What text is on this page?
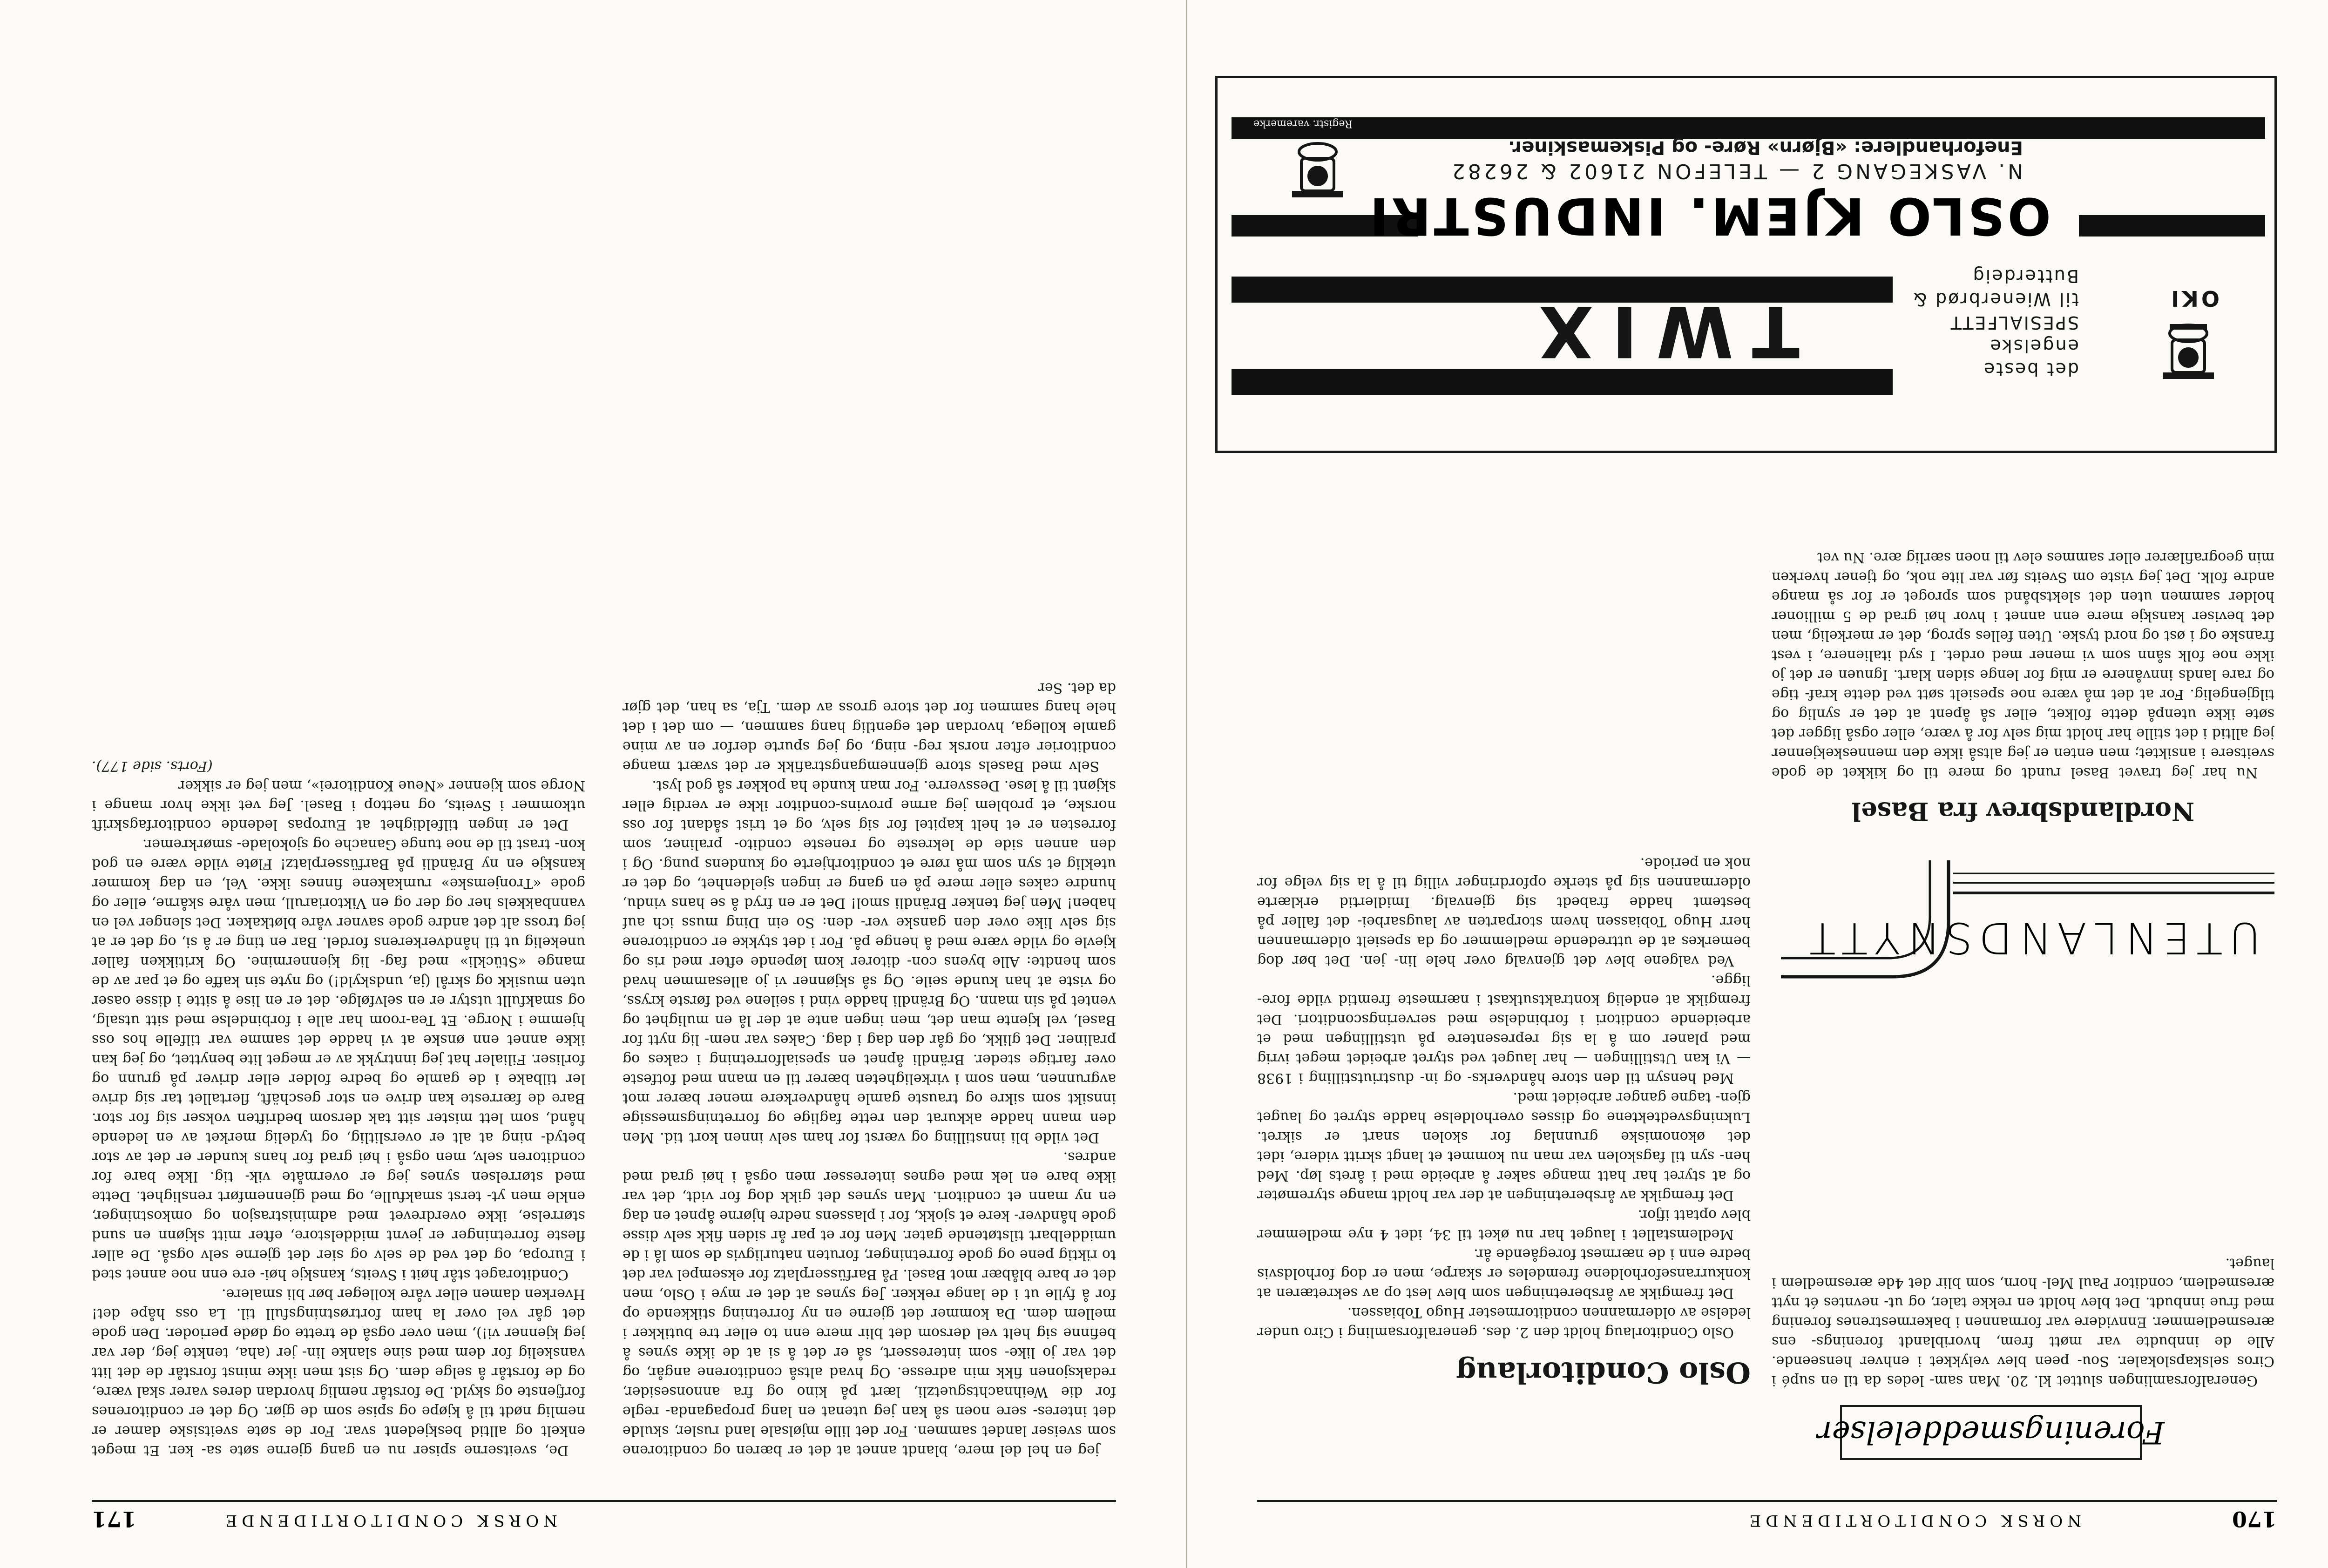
170
NORSK CONDITORTIDENDE
Foreningsmeddelelser

Generalforsamlingen sluttet kl. 20. Man sam- ledes da til en supé i Ciros selskapslokaler. Sou- peen blev velykket i enhver henseende. Alle de innbudte var møtt frem, hvoriblandt forenings- ens æresmedlemmer. Ennvidere var formannen i bakermestrenes forening med frue innbudt. Det blev holdt en rekke taler, og ut- nevntes ét nytt æresmedlem, conditor Paul Mel- horn, som blir det 4de æresmedlem i lauget.

UTENLANDSNYTT
Nordlandsbrev fra Basel

Nu har jeg travet Basel rundt og mere til og kikket de gode sveitsere i ansiktet; men enten er jeg altså ikke den menneskekjenner jeg alltid i det stille har holdt mig selv for å være, eller også ligger det søte ikke utenpå dette folket, eller så åpent at det er synlig og tilgjengelig. For at det må være noe spesielt søtt ved dette kraf- tige og rare lands innvånere er mig for lenge siden klart. Ignuen er det jo ikke noe folk sånn som vi mener med ordet. I syd italienere, i vest franske og i øst og nord tyske. Uten felles sprog, det er merkelig, men det beviser kanskje mere enn annet i hvor høi grad de 5 millioner holder sammen uten det slektsbånd som sproget er for så mange andre folk. Det jeg viste om Sveits før var lite nok, og tjener hverken min geografilærer eller sammes elev til noen særlig ære. Nu vet

Oslo Conditorlaug

Oslo Conditorlaug holdt den 2. des. generalforsamling i Ciro under ledelse av oldermannen conditormester Hugo Tobiassen.

Det fremgikk av årsberetningen som blev lest op av sekretæren at konkurranseforholdene fremdeles er skarpe, men er dog forholdsvis bedre enn i de nærmest foregående år.

Medlemstallet i lauget har nu øket til 34, idet 4 nye medlemmer blev optatt ifjor.

Det fremgikk av årsberetningen at der var holdt mange styremøter og at styret har hatt mange saker å arbeide med i årets løp. Med hen- syn til fagskolen var man nu kommet et langt skritt videre, idet det økonomiske grunnlag for skolen snart er sikret. Lukningsvedtektene og disses overholdelse hadde styret og lauget gjen- tagne ganger arbeidet med.

Med hensyn til den store håndverks- og in- dustriutstilling i 1938 — Vi kan Utstillingen — har lauget ved styret arbeidet meget ivrig med planer om å la sig representere på utstillingen med et arbeidende conditori i forbindelse med serveringsconditori. Det fremgikk at endelig kontraktsutkast i nærmeste fremtid vilde fore- ligge.

Ved valgene blev det gjenvalg over hele lin- jen. Det bør dog bemerkes at de uttredende medlemmer og da spesielt oldermannen herr Hugo Tobiassen hvem storparten av laugsarbei- det faller på bestemt hadde frabedt sig gjenvalg. Imidlertid erklærte oldermannen sig på sterke opfordringer villig til å la sig velge for nok en periode.

TWIX	det beste engelske
SPESIALFETT
til Wienerbrød &
Butterdeig
OKI
OSLO KJEM. INDUSTRI
N. VASKEGANG 2 — TELEFON 21602 & 26282
Eneforhandlere: «Bjørn» Røre- og Piskemaskiner.
Registr. varemerke
NORSK CONDITORTIDENDE
171

jeg en hel del mere, blandt annet at det er bæren og conditorene som sveiser landet sammen. For det lille mjølsale land rusler, skulde det interes- sere noen så kan jeg utenat en lang propaganda- regle for die Weihnachtsguetzli, lært på kino og fra annonsesider, redaksjonen fikk min adresse. Og hvad altså conditorene angår, og det var jo like- som interessert, så er det å si at de ikke synes å befinne sig helt vel dersom det blir mere enn to eller tre butikker i mellem dem. Da kommer det gjerne en ny forretning stikkende op for å fylle ut i de lange rekker. Jeg synes at det er mye i Oslo, men det er bare blåbær mot Basel. På Barfüsserplatz for eksempel var det to riktig pene og gode forretninger, foruten naturligvis de som lå i de umiddelbart tilstøtende gater. Men for et par år siden fikk selv disse gode håndver- kere et sjokk, for i plassens nedre hjørne åpnet en dag en ny mann et conditori. Man synes det gikk dog for vidt, det var ikke bare en lek med egnes interesser men også i høi grad med andres.

Det vilde bli innstilling og værst for ham selv innen kort tid. Men den mann hadde akkurat den rette faglige og forretningsmessige innsikt som sikre og trauste gamle håndverkere mener bærer mot avgrunnen, men som i virkeligheten bærer til en mann med fotfeste over fartige steder. Brändli åpnet en spesialforretning i cakes og praliner. Det glikk, og går den dag i dag. Cakes var nem- lig nytt for Basel, vel kjente man det, men ingen ante at der lå en mulighet og ventet på sin mann. Og Brändli hadde vind i seilene ved første kryss, og viste at han kunde seile. Og så skjønner vi jo allesammen hvad som hendte: Alle byens con- ditorer kom løpende efter med ris og kjevle og vilde være med å henge på. For i det stykke er conditorene sig selv like over den ganske ver- den: So ein Ding muss ich auf haben! Men jeg tenker Brändli smol! Det er en fryd å se hans vindu, hundre cakes eller mere på en gang er ingen sjeldenhet, og det er uteklig et syn som må røre et conditorhjerte og kundens pung. Og i den annen side de lekreste og reneste condito- praliner, som forresten er et helt kapitel for sig selv, og et trist sådant for oss norske, et problem jeg arme provins-conditor ikke er verdig eller skjønt til å løse. Dessverre. For man kunde ha pokker så god lyst.

Selv med Basels store gjennemgangstrafikk er det svært mange conditorier efter norsk reg- ning, og jeg spurte derfor en av mine gamle kollega, hvordan det egentlig hang sammen, — om det i det hele hang sammen for det store gross av dem. Tja, sa han, det gjør da det. Ser

De, sveitserne spiser nu en gang gjerne søte sa- ker. Et meget enkelt og alltid beskjedent svar. For de søte sveitsiske damer er nemlig nødt til å kjøpe og spise som de gjør. Og det er conditorenes forfjenste og skyld. De forstår nemlig hvordan deres varer skal være, og de forstår å selge dem. Og sist men ikke minst forstår de det litt vanskelig for dem med sine slanke lin- jer (aha, tenkte jeg, der var jeg kjenner vi!), men over også de trette og døde perioder. Den gode det går vel over la ham fortrøstningsfull til. La oss håpe det! Hverken damen eller våre kolleger bør bli smalere.

Conditoraget står høit i Sveits, kanskje høi- ere enn noe annet sted i Europa, og det ved de selv og sier det gjerne selv også. De aller fleste forretninger er jevnt middelstore, efter mitt skjønn en sund størrelse, ikke overdrevet med administrasjon og omkostninger, enkle men yt- terst smakfulle, og med gjennemført renslighet. Dette med størrelsen synes jeg er overmåte vik- tig. Ikke bare for conditoren selv, men også i høi grad for hans kunder er det av stor betyd- ning at alt er overslitlig, og tydelig merket av en ledende hånd, som lett mister sitt tak dersom bedriften vokser sig for stor. Bare de færreste kan drive en stor geschäft, flertallet tar sig drive ler tilbake i de gamle og bedre folder eller driver på grunn og forliser. Filialer hat jeg inntrykk av er meget lite benyttet, og jeg kan ikke annet enn ønske at vi hadde det samme var tilfelle hos oss hjemme i Norge. Et Tea-room har alle i forbindelse med sitt utsalg, og smakfullt utstyr er en selvfølge. det er en lise å sitte i disse oaser uten musikk og skrål (ja, undskyld!) og nyte sin kaffe og et par av de mange «Stückli» med fag- lig kjennermine. Og kritikken faller unekelig ut til håndverkerens fordel. Bar en ting er å si, og det er at jeg tross alt det andre gode savner våre bløtkaker. Det slenger vel en vannbakkels her og der og en Viktoriarull, men våre skårne, eller og gode «Tronjemske» rumkakene finnes ikke. Vel, en dag kommer kanskje en ny Brändli på Barfüsserplatz! Fløte vilde være en god kon- trast til de noe tunge Ganache og sjokolade- smørkremer.

Det er ingen tilfeldighet at Europas ledende conditorfagskrift utkommer i Sveits, og nettop i Basel. Jeg vet ikke hvor mange i Norge som kjenner «Neue Konditorei», men jeg er sikker

(Forts. side 177).
